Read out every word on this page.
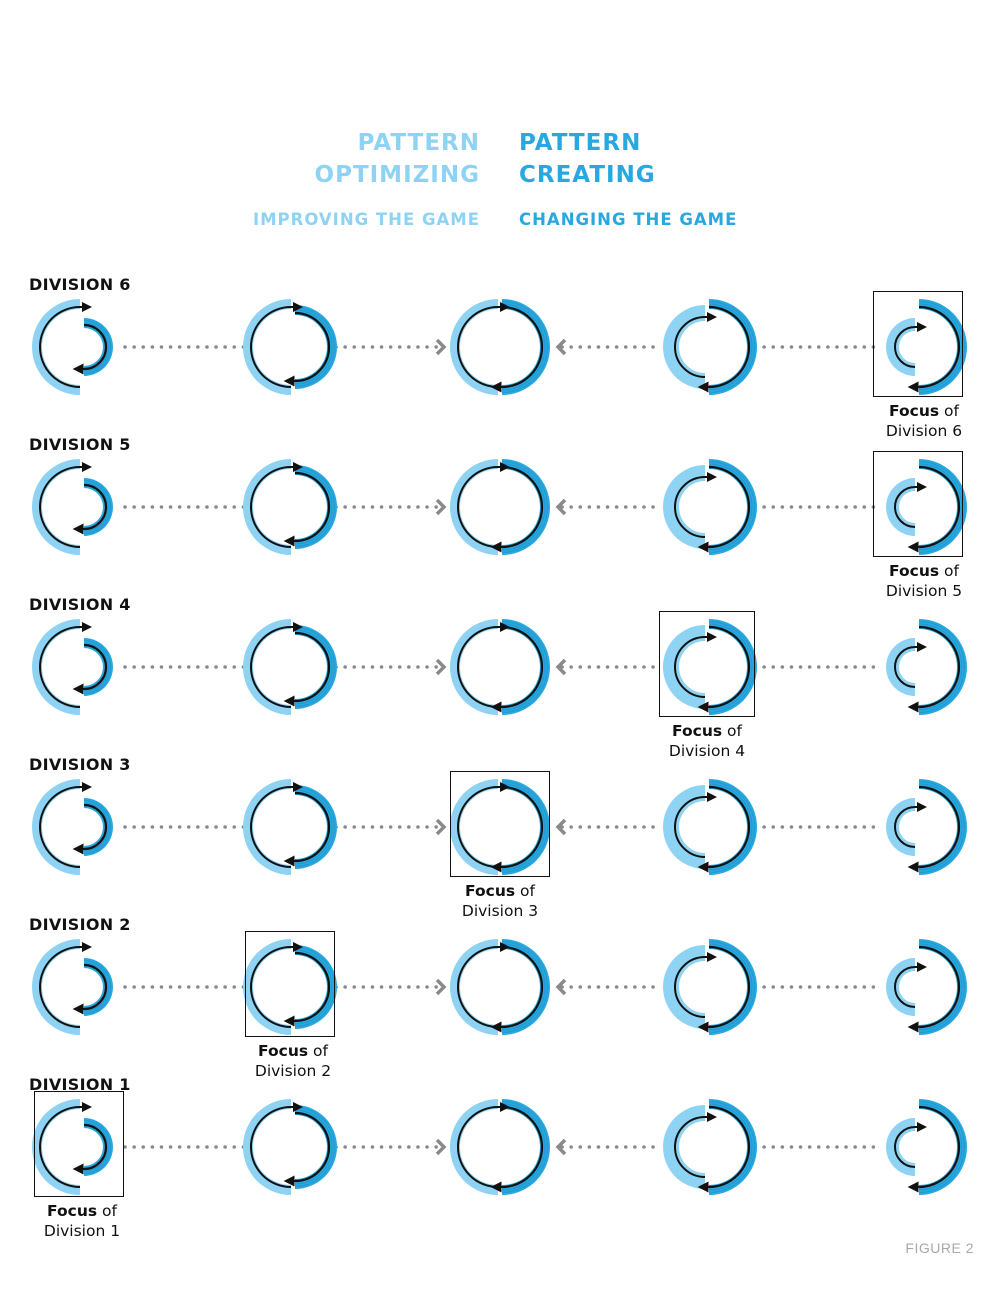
PATTERN
OPTIMIZING
PATTERN
CREATING
IMPROVING THE GAME CHANGING THE GAME
DIVISION 6
Focus of
Division 6
DIVISION 5
Focus of
Division 5
DIVISION 4
Focus of
Division 4
DIVISION 3
Focus of
Division 3
DIVISION 2
Focus of
Division 2
DIVISION 1
Focus of
Division 1
FIGURE 2
